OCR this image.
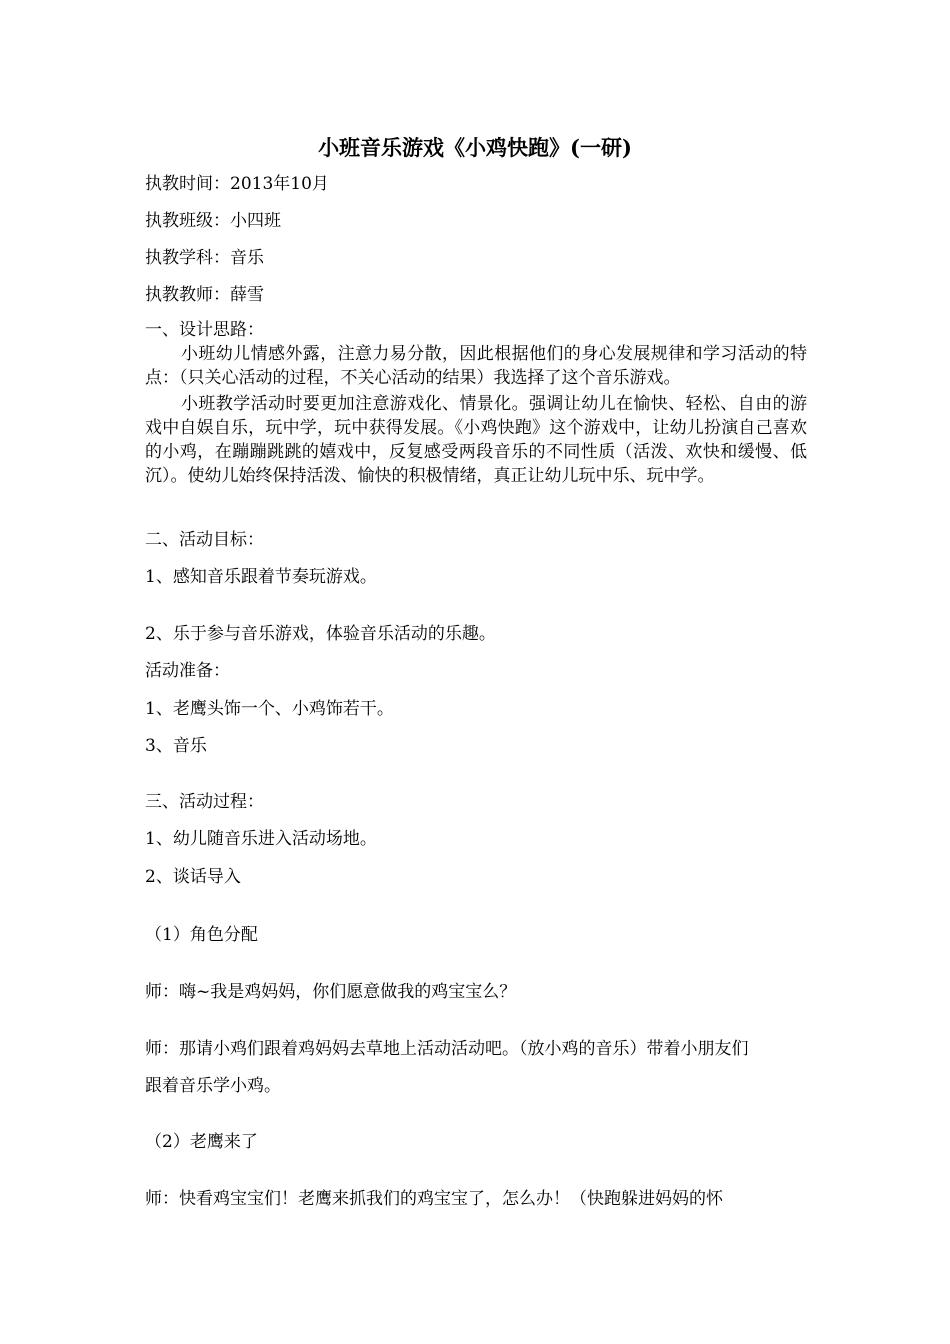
小班音乐游戏《小鸡快跑》(一研)
执教时间：2013年10月
执教班级：小四班
执教学科：音乐
执教教师：薛雪
一、设计思路：
小班幼儿情感外露，注意力易分散，因此根据他们的身心发展规律和学习活动的特点：（只关心活动的过程，不关心活动的结果）我选择了这个音乐游戏。
小班教学活动时要更加注意游戏化、情景化。强调让幼儿在愉快、轻松、自由的游戏中自娱自乐，玩中学，玩中获得发展。《小鸡快跑》这个游戏中，让幼儿扮演自己喜欢的小鸡，在蹦蹦跳跳的嬉戏中，反复感受两段音乐的不同性质（活泼、欢快和缓慢、低沉）。使幼儿始终保持活泼、愉快的积极情绪，真正让幼儿玩中乐、玩中学。
二、活动目标：
1、感知音乐跟着节奏玩游戏。
2、乐于参与音乐游戏，体验音乐活动的乐趣。
活动准备：
1、老鹰头饰一个、小鸡饰若干。
3、音乐
三、活动过程：
1、幼儿随音乐进入活动场地。
2、谈话导入
（1）角色分配
师：嗨~我是鸡妈妈，你们愿意做我的鸡宝宝么？
师：那请小鸡们跟着鸡妈妈去草地上活动活动吧。（放小鸡的音乐）带着小朋友们
跟着音乐学小鸡。
（2）老鹰来了
师：快看鸡宝宝们！老鹰来抓我们的鸡宝宝了，怎么办！（快跑躲进妈妈的怀
